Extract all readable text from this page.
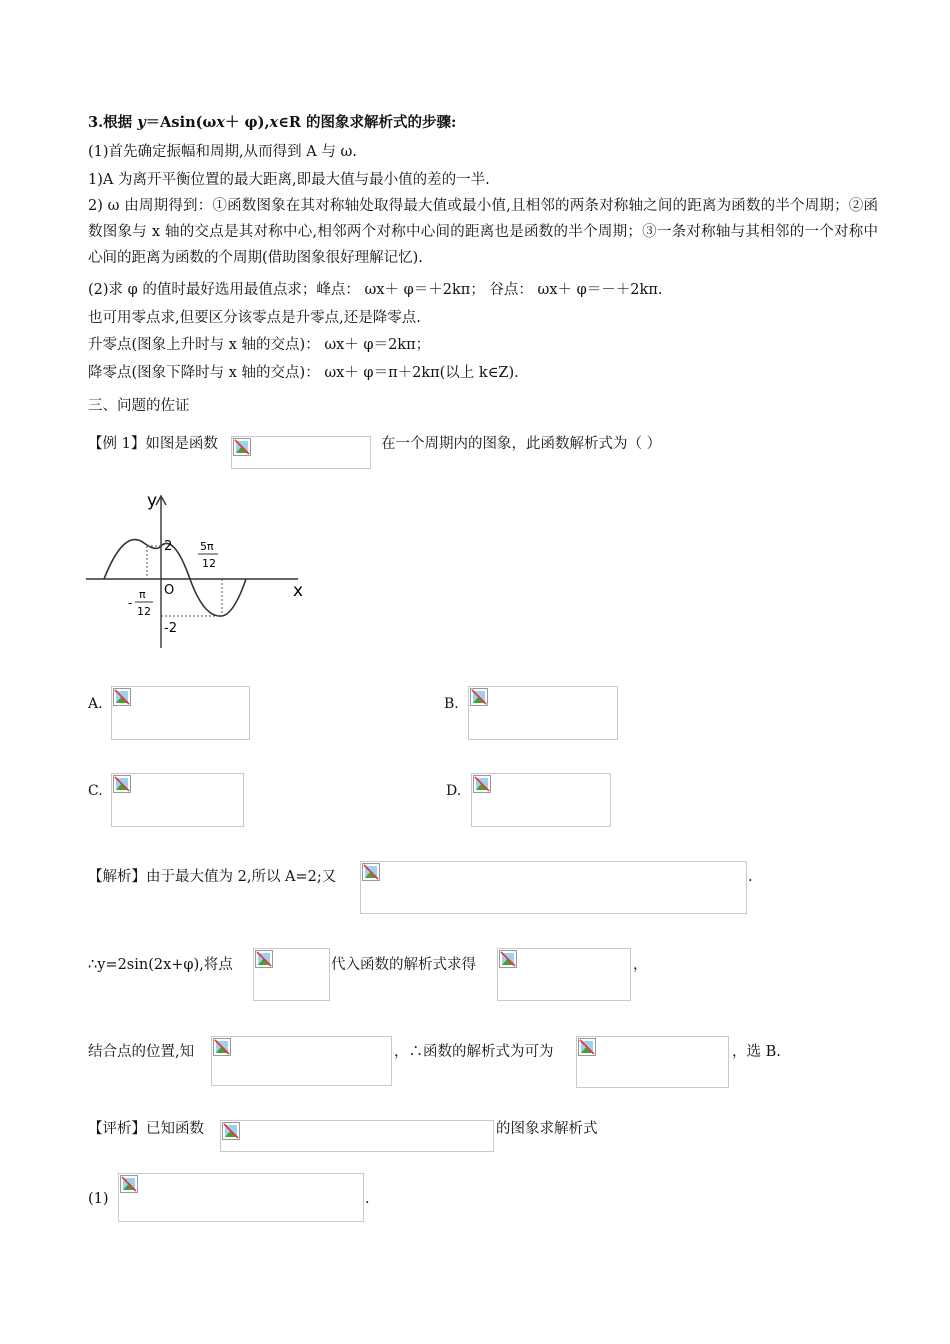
3.根据 y＝Asin(ωx＋ φ),x∈R 的图象求解析式的步骤:
(1)首先确定振幅和周期,从而得到 A 与 ω.
1)A 为离开平衡位置的最大距离,即最大值与最小值的差的一半.
2) ω 由周期得到：①函数图象在其对称轴处取得最大值或最小值,且相邻的两条对称轴之间的距离为函数的半个周期；②函数图象与 x 轴的交点是其对称中心,相邻两个对称中心间的距离也是函数的半个周期；③一条对称轴与其相邻的一个对称中心间的距离为函数的个周期(借助图象很好理解记忆).
(2)求 φ 的值时最好选用最值点求；峰点： ωx＋ φ＝＋2kπ； 谷点： ωx＋ φ＝－＋2kπ.
也可用零点求,但要区分该零点是升零点,还是降零点.
升零点(图象上升时与 x 轴的交点)： ωx＋ φ＝2kπ；
降零点(图象下降时与 x 轴的交点)： ωx＋ φ＝π＋2kπ(以上 k∈Z).
三、问题的佐证
【例 1】如图是函数	在一个周期内的图象，此函数解析式为（ ）
y
x
O
2
-2
5π
12
-
π
12
A.	B.
C.	D.
【解析】由于最大值为 2,所以 A=2;又	.
∴y=2sin(2x+φ),将点	代入函数的解析式求得	，
结合点的位置,知	，∴函数的解析式为可为	，选 B.
【评析】已知函数	的图象求解析式
(1)	.
